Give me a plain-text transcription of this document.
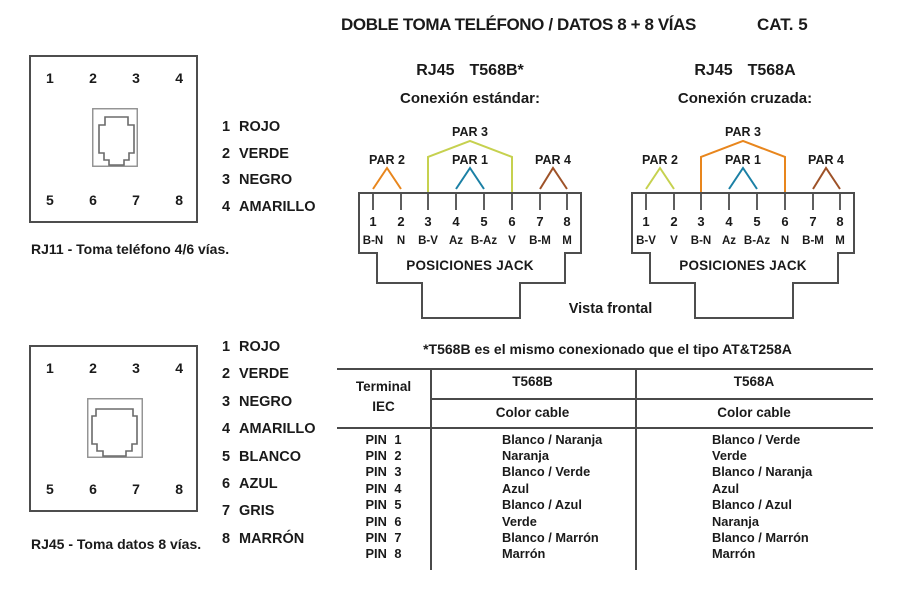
DOBLE TOMA TELÉFONO / DATOS 8 + 8 VÍAS	CAT. 5
1	2	3	4
5	6	7	8
1 ROJO
2 VERDE
3 NEGRO
4 AMARILLO
RJ11 - Toma teléfono 4/6 vías.
1	2	3	4
5	6	7	8
1 ROJO
2 VERDE
3 NEGRO
4 AMARILLO
5 BLANCO
6 AZUL
7 GRIS
8 MARRÓN
RJ45 - Toma datos 8 vías.
RJ45 T568B*
Conexión estándar:
RJ45 T568A
Conexión cruzada:
PAR 2	PAR 1	PAR 4
PAR 3
1 2 3 4 5 6 7 8
B-N N B-V Az B-Az V B-M M
POSICIONES JACK
PAR 2	PAR 1	PAR 4
PAR 3
1 2 3 4 5 6 7 8
B-V V B-N Az B-Az N B-M M
POSICIONES JACK
Vista frontal
*T568B es el mismo conexionado que el tipo AT&T258A
Terminal
IEC
T568B	T568A
Color cable	Color cable
PIN 1	Blanco / Naranja	Blanco / Verde
PIN 2	Naranja	Verde
PIN 3	Blanco / Verde	Blanco / Naranja
PIN 4	Azul	Azul
PIN 5	Blanco / Azul	Blanco / Azul
PIN 6	Verde	Naranja
PIN 7	Blanco / Marrón	Blanco / Marrón
PIN 8	Marrón	Marrón
